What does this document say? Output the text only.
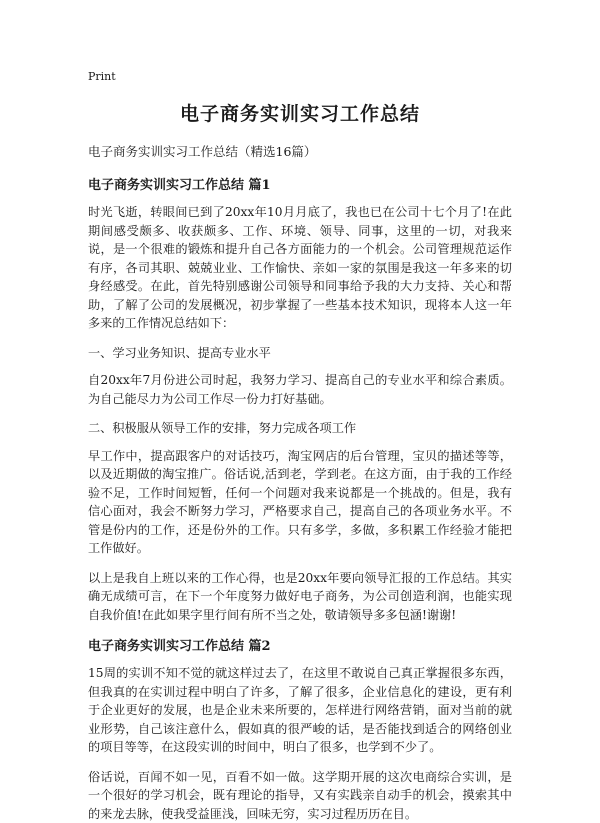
Print
电子商务实训实习工作总结
电子商务实训实习工作总结（精选16篇）
电子商务实训实习工作总结 篇1

时光飞逝，转眼间已到了20xx年10月月底了，我也已在公司十七个月了!在此期间感受颇多、收获颇多、工作、环境、领导、同事，这里的一切，对我来说，是一个很难的锻炼和提升自己各方面能力的一个机会。公司管理规范运作有序，各司其职、兢兢业业、工作愉快、亲如一家的氛围是我这一年多来的切身经感受。在此，首先特别感谢公司领导和同事给予我的大力支持、关心和帮助，了解了公司的发展概况，初步掌握了一些基本技术知识，现将本人这一年多来的工作情况总结如下：

一、学习业务知识、提高专业水平

自20xx年7月份进公司时起，我努力学习、提高自己的专业水平和综合素质。为自己能尽力为公司工作尽一份力打好基础。

二、积极服从领导工作的安排，努力完成各项工作

早工作中，提高跟客户的对话技巧，淘宝网店的后台管理，宝贝的描述等等，以及近期做的淘宝推广。俗话说,活到老，学到老。在这方面，由于我的工作经验不足，工作时间短暂，任何一个问题对我来说都是一个挑战的。但是，我有信心面对，我会不断努力学习，严格要求自己，提高自己的各项业务水平。不管是份内的工作，还是份外的工作。只有多学，多做，多积累工作经验才能把工作做好。

以上是我自上班以来的工作心得，也是20xx年要向领导汇报的工作总结。其实确无成绩可言，在下一个年度努力做好电子商务，为公司创造利润，也能实现自我价值!在此如果字里行间有所不当之处，敬请领导多多包涵!谢谢!

电子商务实训实习工作总结 篇2

15周的实训不知不觉的就这样过去了，在这里不敢说自己真正掌握很多东西，但我真的在实训过程中明白了许多，了解了很多，企业信息化的建设，更有利于企业更好的发展，也是企业未来所要的，怎样进行网络营销，面对当前的就业形势，自己该注意什么，假如真的很严峻的话，是否能找到适合的网络创业的项目等等，在这段实训的时间中，明白了很多，也学到不少了。

俗话说，百闻不如一见，百看不如一做。这学期开展的这次电商综合实训，是一个很好的学习机会，既有理论的指导，又有实践亲自动手的机会，摸索其中的来龙去脉，使我受益匪浅，回味无穷，实习过程历历在目。
